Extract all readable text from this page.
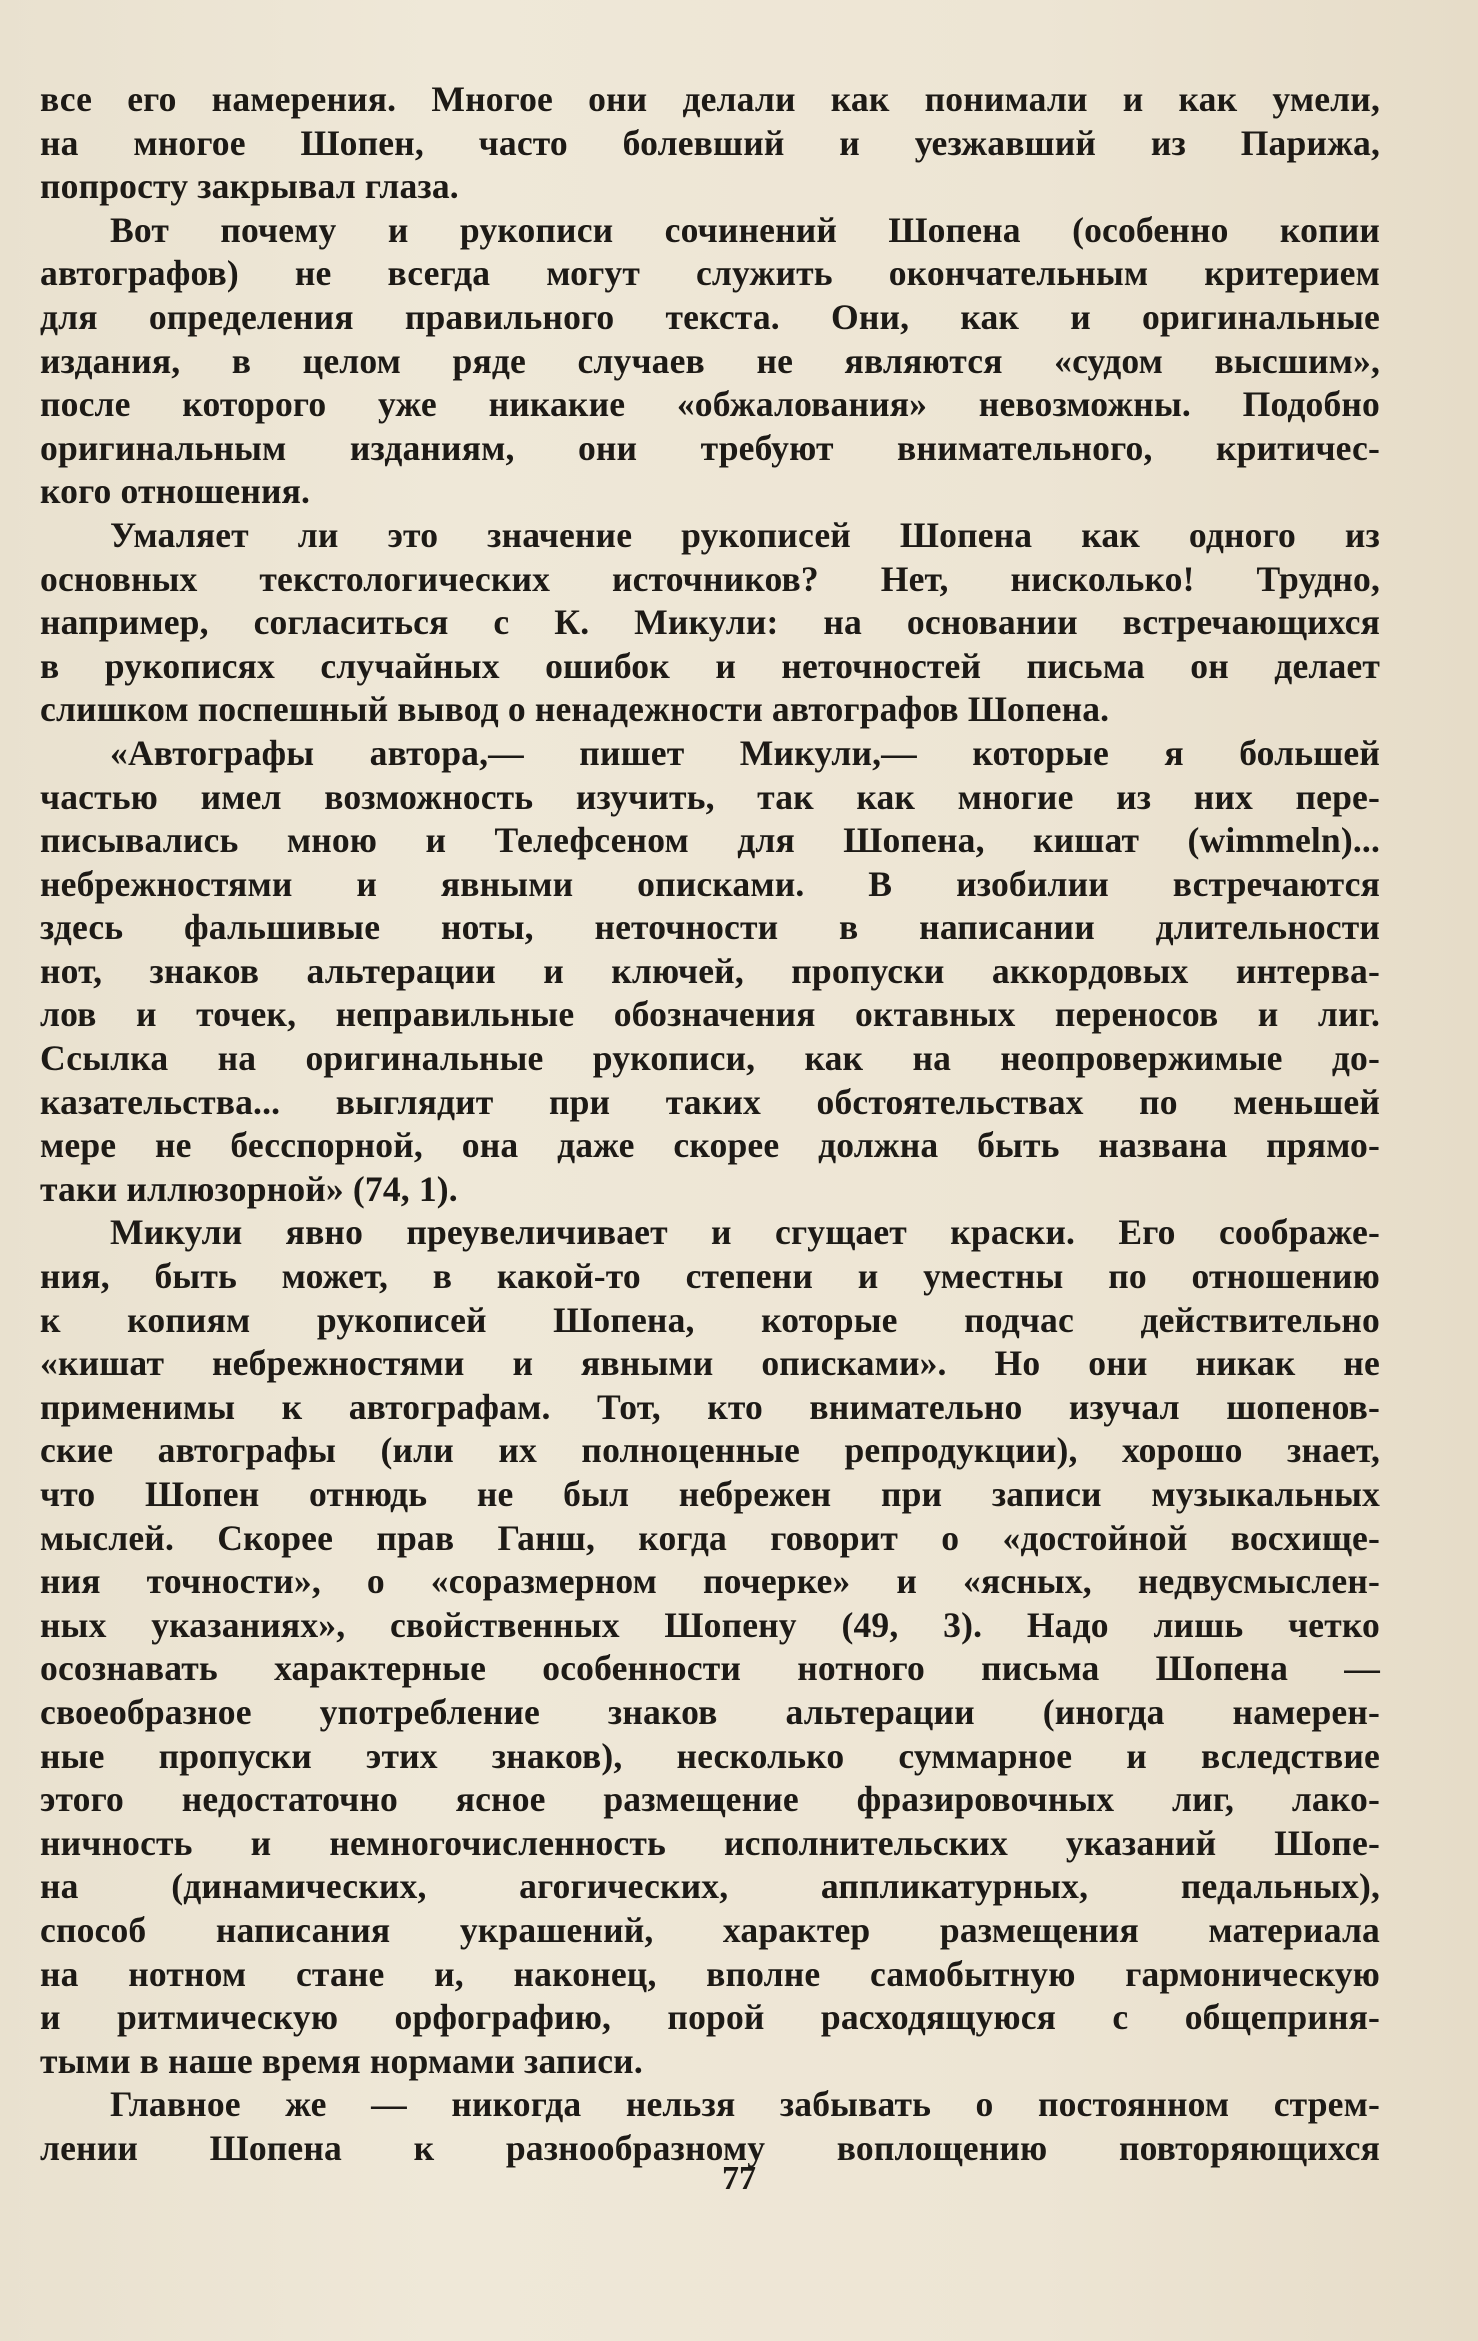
все его намерения. Многое они делали как понимали и как умели,
на многое Шопен, часто болевший и уезжавший из Парижа,
попросту закрывал глаза.
Вот почему и рукописи сочинений Шопена (особенно копии
автографов) не всегда могут служить окончательным критерием
для определения правильного текста. Они, как и оригинальные
издания, в целом ряде случаев не являются «судом высшим»,
после которого уже никакие «обжалования» невозможны. Подобно
оригинальным изданиям, они требуют внимательного, критичес-
кого отношения.
Умаляет ли это значение рукописей Шопена как одного из
основных текстологических источников? Нет, нисколько! Трудно,
например, согласиться с К. Микули: на основании встречающихся
в рукописях случайных ошибок и неточностей письма он делает
слишком поспешный вывод о ненадежности автографов Шопена.
«Автографы автора,— пишет Микули,— которые я большей
частью имел возможность изучить, так как многие из них пере-
писывались мною и Телефсеном для Шопена, кишат (wimmeln)...
небрежностями и явными описками. В изобилии встречаются
здесь фальшивые ноты, неточности в написании длительности
нот, знаков альтерации и ключей, пропуски аккордовых интерва-
лов и точек, неправильные обозначения октавных переносов и лиг.
Ссылка на оригинальные рукописи, как на неопровержимые до-
казательства... выглядит при таких обстоятельствах по меньшей
мере не бесспорной, она даже скорее должна быть названа прямо-
таки иллюзорной» (74, 1).
Микули явно преувеличивает и сгущает краски. Его соображе-
ния, быть может, в какой-то степени и уместны по отношению
к копиям рукописей Шопена, которые подчас действительно
«кишат небрежностями и явными описками». Но они никак не
применимы к автографам. Тот, кто внимательно изучал шопенов-
ские автографы (или их полноценные репродукции), хорошо знает,
что Шопен отнюдь не был небрежен при записи музыкальных
мыслей. Скорее прав Ганш, когда говорит о «достойной восхище-
ния точности», о «соразмерном почерке» и «ясных, недвусмыслен-
ных указаниях», свойственных Шопену (49, 3). Надо лишь четко
осознавать характерные особенности нотного письма Шопена —
своеобразное употребление знаков альтерации (иногда намерен-
ные пропуски этих знаков), несколько суммарное и вследствие
этого недостаточно ясное размещение фразировочных лиг, лако-
ничность и немногочисленность исполнительских указаний Шопе-
на (динамических, агогических, аппликатурных, педальных),
способ написания украшений, характер размещения материала
на нотном стане и, наконец, вполне самобытную гармоническую
и ритмическую орфографию, порой расходящуюся с общеприня-
тыми в наше время нормами записи.
Главное же — никогда нельзя забывать о постоянном стрем-
лении Шопена к разнообразному воплощению повторяющихся
77
